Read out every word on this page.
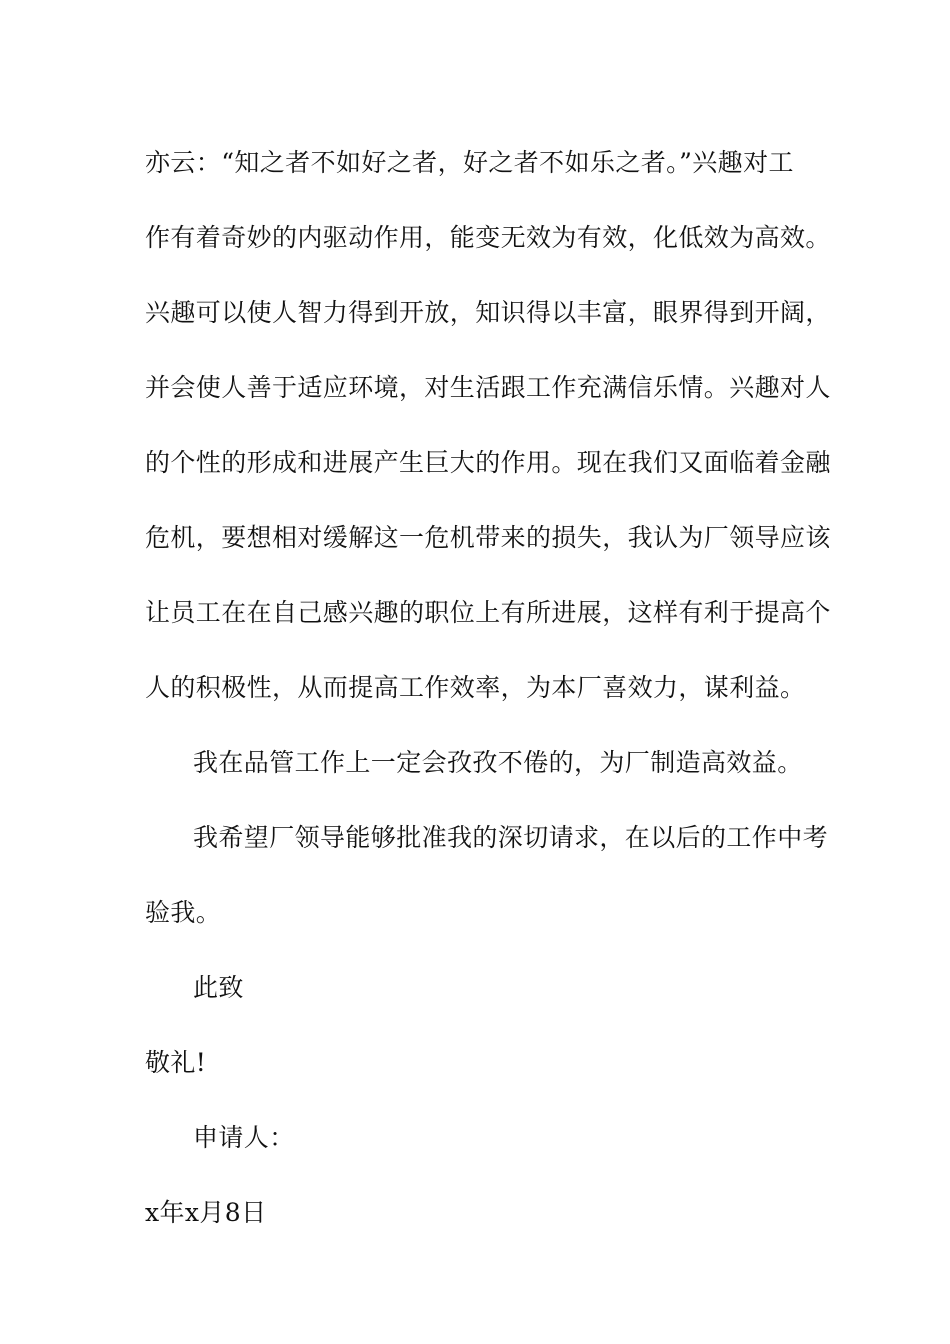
亦云：“知之者不如好之者，好之者不如乐之者。”兴趣对工
作有着奇妙的内驱动作用，能变无效为有效，化低效为高效。
兴趣可以使人智力得到开放，知识得以丰富，眼界得到开阔，
并会使人善于适应环境，对生活跟工作充满信乐情。兴趣对人
的个性的形成和进展产生巨大的作用。现在我们又面临着金融
危机，要想相对缓解这一危机带来的损失，我认为厂领导应该
让员工在在自己感兴趣的职位上有所进展，这样有利于提高个
人的积极性，从而提高工作效率，为本厂喜效力，谋利益。
我在品管工作上一定会孜孜不倦的，为厂制造高效益。
我希望厂领导能够批准我的深切请求，在以后的工作中考
验我。
此致
敬礼!
申请人：
x年x月8日
